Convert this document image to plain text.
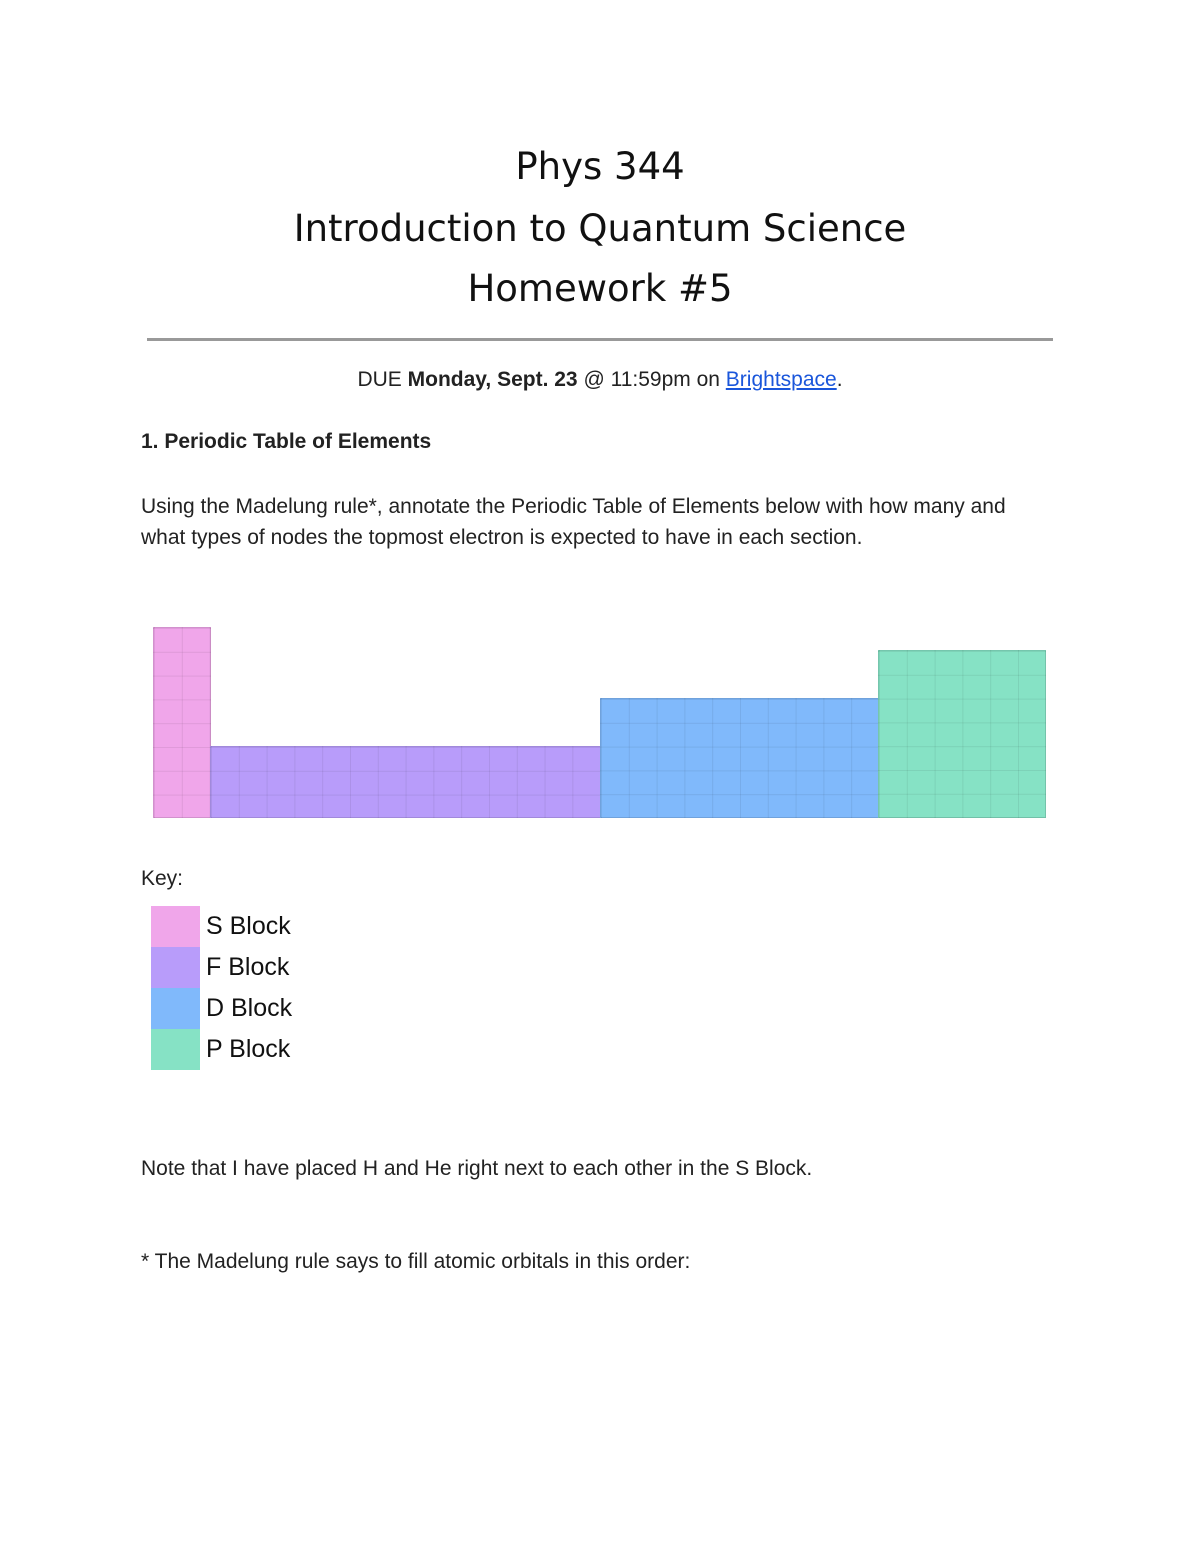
Phys 344
Introduction to Quantum Science
Homework #5
DUE Monday, Sept. 23 @ 11:59pm on Brightspace.
1. Periodic Table of Elements
Using the Madelung rule*, annotate the Periodic Table of Elements below with how many and what types of nodes the topmost electron is expected to have in each section.
Key:
S Block
F Block
D Block
P Block
Note that I have placed H and He right next to each other in the S Block.
* The Madelung rule says to fill atomic orbitals in this order:
